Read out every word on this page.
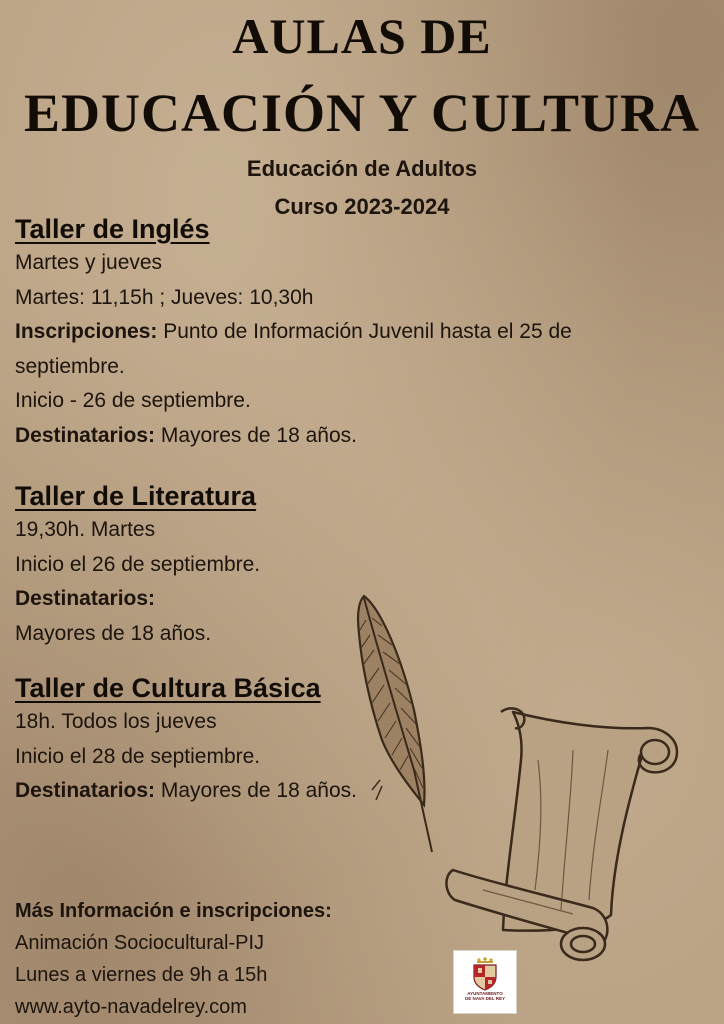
AULAS DE
EDUCACIÓN Y CULTURA
Educación de Adultos
Curso 2023-2024
Taller de Inglés
Martes y jueves
Martes: 11,15h ; Jueves: 10,30h
Inscripciones: Punto de Información Juvenil hasta el 25 de
septiembre.
Inicio - 26 de septiembre.
Destinatarios: Mayores de 18 años.
Taller de Literatura
19,30h. Martes
Inicio el 26 de septiembre.
Destinatarios:
Mayores de 18 años.
Taller de Cultura Básica
18h. Todos los jueves
Inicio el 28 de septiembre.
Destinatarios: Mayores de 18 años.
Más Información e inscripciones:
Animación Sociocultural-PIJ
Lunes a viernes de 9h a 15h
www.ayto-navadelrey.com
AYUNTAMIENTO
DE NAVA DEL REY
